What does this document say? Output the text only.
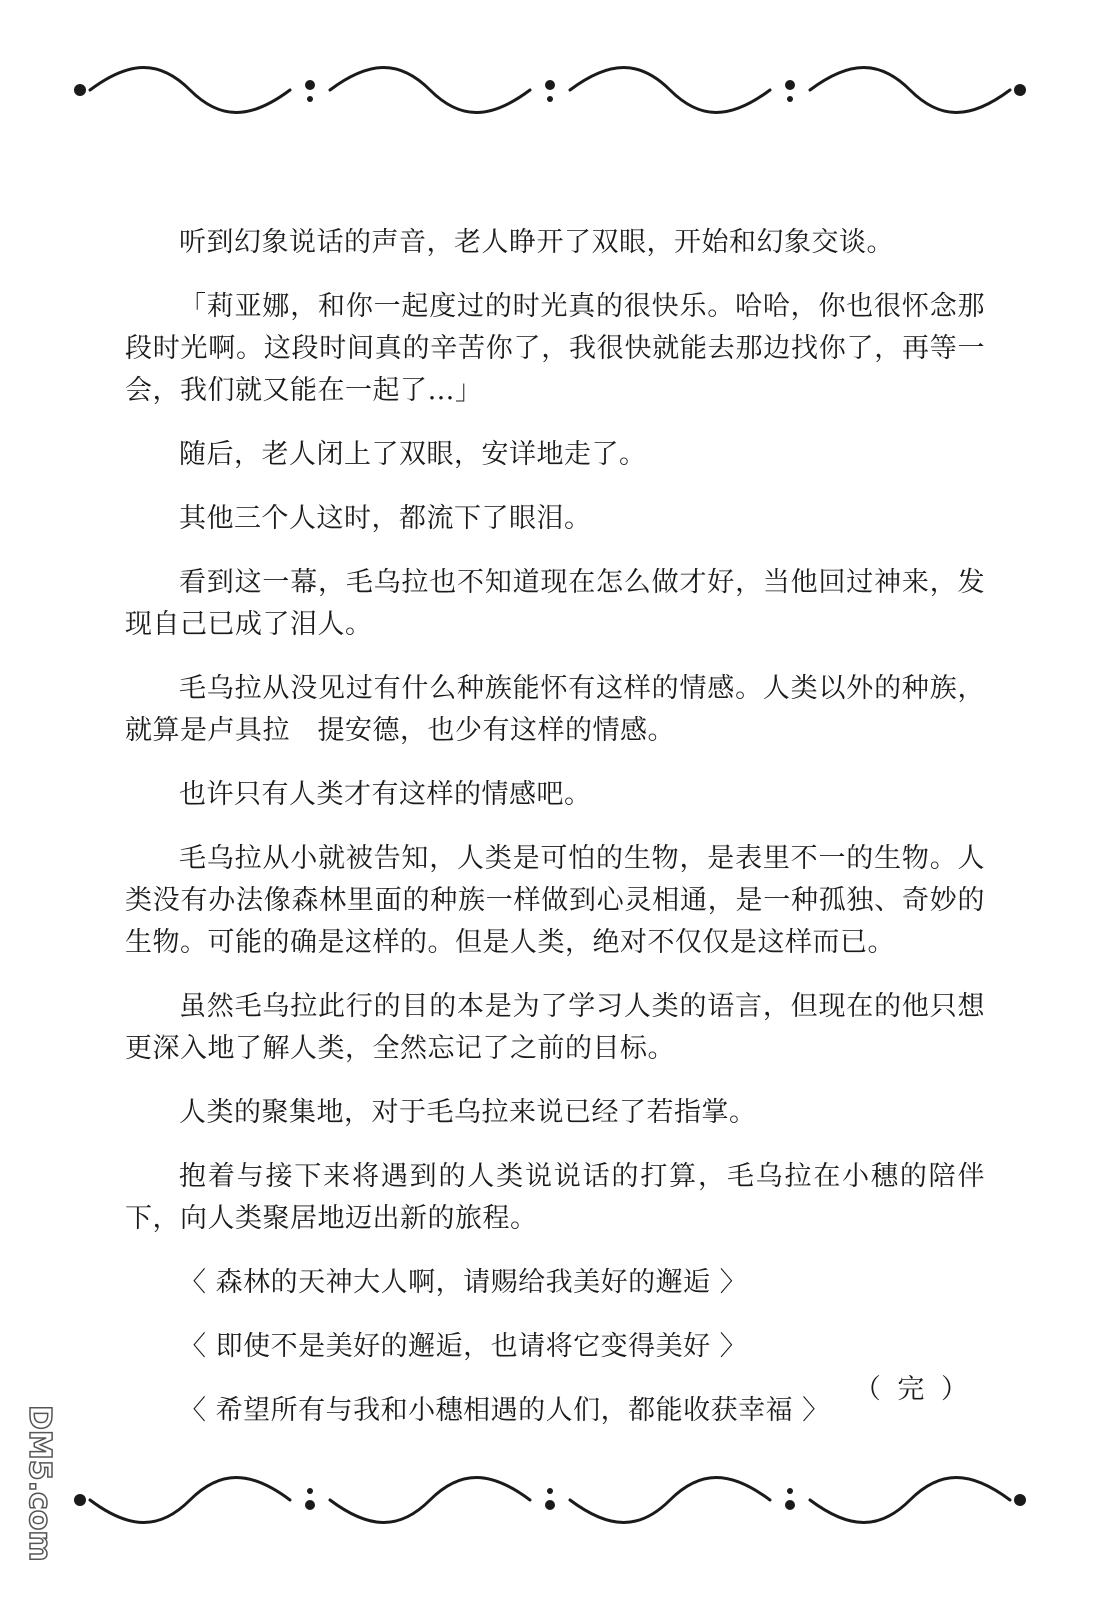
听到幻象说话的声音，老人睁开了双眼，开始和幻象交谈。

「莉亚娜，和你一起度过的时光真的很快乐。哈哈，你也很怀念那段时光啊。这段时间真的辛苦你了，我很快就能去那边找你了，再等一会，我们就又能在一起了…」

随后，老人闭上了双眼，安详地走了。

其他三个人这时，都流下了眼泪。

看到这一幕，毛乌拉也不知道现在怎么做才好，当他回过神来，发现自己已成了泪人。

毛乌拉从没见过有什么种族能怀有这样的情感。人类以外的种族，就算是卢具拉　提安德，也少有这样的情感。

也许只有人类才有这样的情感吧。

毛乌拉从小就被告知，人类是可怕的生物，是表里不一的生物。人类没有办法像森林里面的种族一样做到心灵相通，是一种孤独、奇妙的生物。可能的确是这样的。但是人类，绝对不仅仅是这样而已。

虽然毛乌拉此行的目的本是为了学习人类的语言，但现在的他只想更深入地了解人类，全然忘记了之前的目标。

人类的聚集地，对于毛乌拉来说已经了若指掌。

抱着与接下来将遇到的人类说说话的打算，毛乌拉在小穗的陪伴下，向人类聚居地迈出新的旅程。

〈 森林的天神大人啊，请赐给我美好的邂逅 〉

〈 即使不是美好的邂逅，也请将它变得美好 〉

〈 希望所有与我和小穗相遇的人们，都能收获幸福 〉

（ 完 ）
DM5.com
